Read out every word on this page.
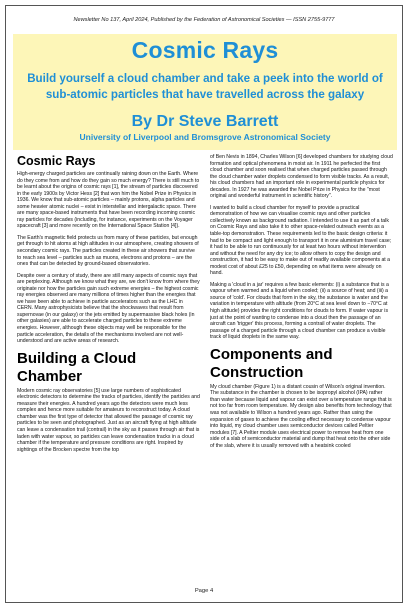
Newsletter No 137, April 2024, Published by the Federation of Astronomical Societies — ISSN 2755-9777
Cosmic Rays
Build yourself a cloud chamber and take a peek into the world of sub-atomic particles that have travelled across the galaxy
By Dr Steve Barrett
University of Liverpool and Bromsgrove Astronomical Society
Cosmic Rays

High-energy charged particles are continually raining down on the Earth. Where do they come from and how do they gain so much energy? There is still much to be learnt about the origins of cosmic rays [1], the stream of particles discovered in the early 1900s by Victor Hess [2] that won him the Nobel Prize in Physics in 1936. We know that sub-atomic particles – mainly protons, alpha particles and some heavier atomic nuclei – exist in interstellar and intergalactic space. There are many space-based instruments that have been recording incoming cosmic ray particles for decades (including, for instance, experiments on the Voyager spacecraft [3] and more recently on the International Space Station [4]).

The Earth's magnetic field protects us from many of these particles, but enough get through to hit atoms at high altitudes in our atmosphere, creating showers of secondary cosmic rays. The particles created in these air showers that survive to reach sea level – particles such as muons, electrons and protons – are the ones that can be detected by ground-based observatories.

Despite over a century of study, there are still many aspects of cosmic rays that are perplexing. Although we know what they are, we don't know from where they originate nor how the particles gain such extreme energies – the highest cosmic ray energies observed are many millions of times higher than the energies that we have been able to achieve in particle accelerators such as the LHC in CERN. Many astrophysicists believe that the shockwaves that result from supernovae (in our galaxy) or the jets emitted by supermassive black holes (in other galaxies) are able to accelerate charged particles to these extreme energies. However, although these objects may well be responsible for the particle acceleration, the details of the mechanisms involved are not well-understood and are active areas of research.

Building a Cloud Chamber

Modern cosmic ray observatories [5] use large numbers of sophisticated electronic detectors to determine the tracks of particles, identify the particles and measure their energies. A hundred years ago the detectors were much less complex and hence more suitable for amateurs to reconstruct today. A cloud chamber was the first type of detector that allowed the passage of cosmic ray particles to be seen and photographed. Just as an aircraft flying at high altitude can leave a condensation trail (contrail) in the sky as it passes through air that is laden with water vapour, so particles can leave condensation tracks in a cloud chamber if the temperature and pressure conditions are right. Inspired by sightings of the Brocken spectre from the top

of Ben Nevis in 1894, Charles Wilson [6] developed chambers for studying cloud formation and optical phenomena in moist air. In 1911 he perfected the first cloud chamber and soon realised that when charged particles passed through the cloud chamber water droplets condensed to form visible tracks. As a result, his cloud chambers had an important role in experimental particle physics for decades. In 1927 he was awarded the Nobel Prize in Physics for the "most original and wonderful instrument in scientific history".

I wanted to build a cloud chamber for myself to provide a practical demonstration of how we can visualise cosmic rays and other particles collectively known as background radiation. I intended to use it as part of a talk on Cosmic Rays and also take it to other space-related outreach events as a table-top demonstration. These requirements led to the basic design criteria: it had to be compact and light enough to transport it in one aluminium travel case; it had to be able to run continuously for at least two hours without intervention and without the need for any dry ice; to allow others to copy the design and construction, it had to be easy to make out of readily available components at a modest cost of about £25 to £50, depending on what items were already on hand.

Making a 'cloud in a jar' requires a few basic elements: (i) a substance that is a vapour when warmed and a liquid when cooled; (ii) a source of heat; and (iii) a source of 'cold'. For clouds that form in the sky, the substance is water and the variation in temperature with altitude (from 20°C at sea level down to −70°C at high altitude) provides the right conditions for clouds to form. If water vapour is just at the point of wanting to condense into a cloud then the passage of an aircraft can 'trigger' this process, forming a contrail of water droplets. The passage of a charged particle through a cloud chamber can produce a visible track of liquid droplets in the same way.

Components and Construction

My cloud chamber (Figure 1) is a distant cousin of Wilson's original invention. The substance in the chamber is chosen to be isopropyl alcohol (IPA) rather than water because liquid and vapour can exist over a temperature range that is not too far from room temperature. My design also benefits from technology that was not available to Wilson a hundred years ago. Rather than using the expansion of gases to achieve the cooling effect necessary to condense vapour into liquid, my cloud chamber uses semiconductor devices called Peltier modules [7]. A Peltier module uses electrical power to remove heat from one side of a slab of semiconductor material and dump that heat onto the other side of the slab, where it is usually removed with a heatsink cooled

Page 4
